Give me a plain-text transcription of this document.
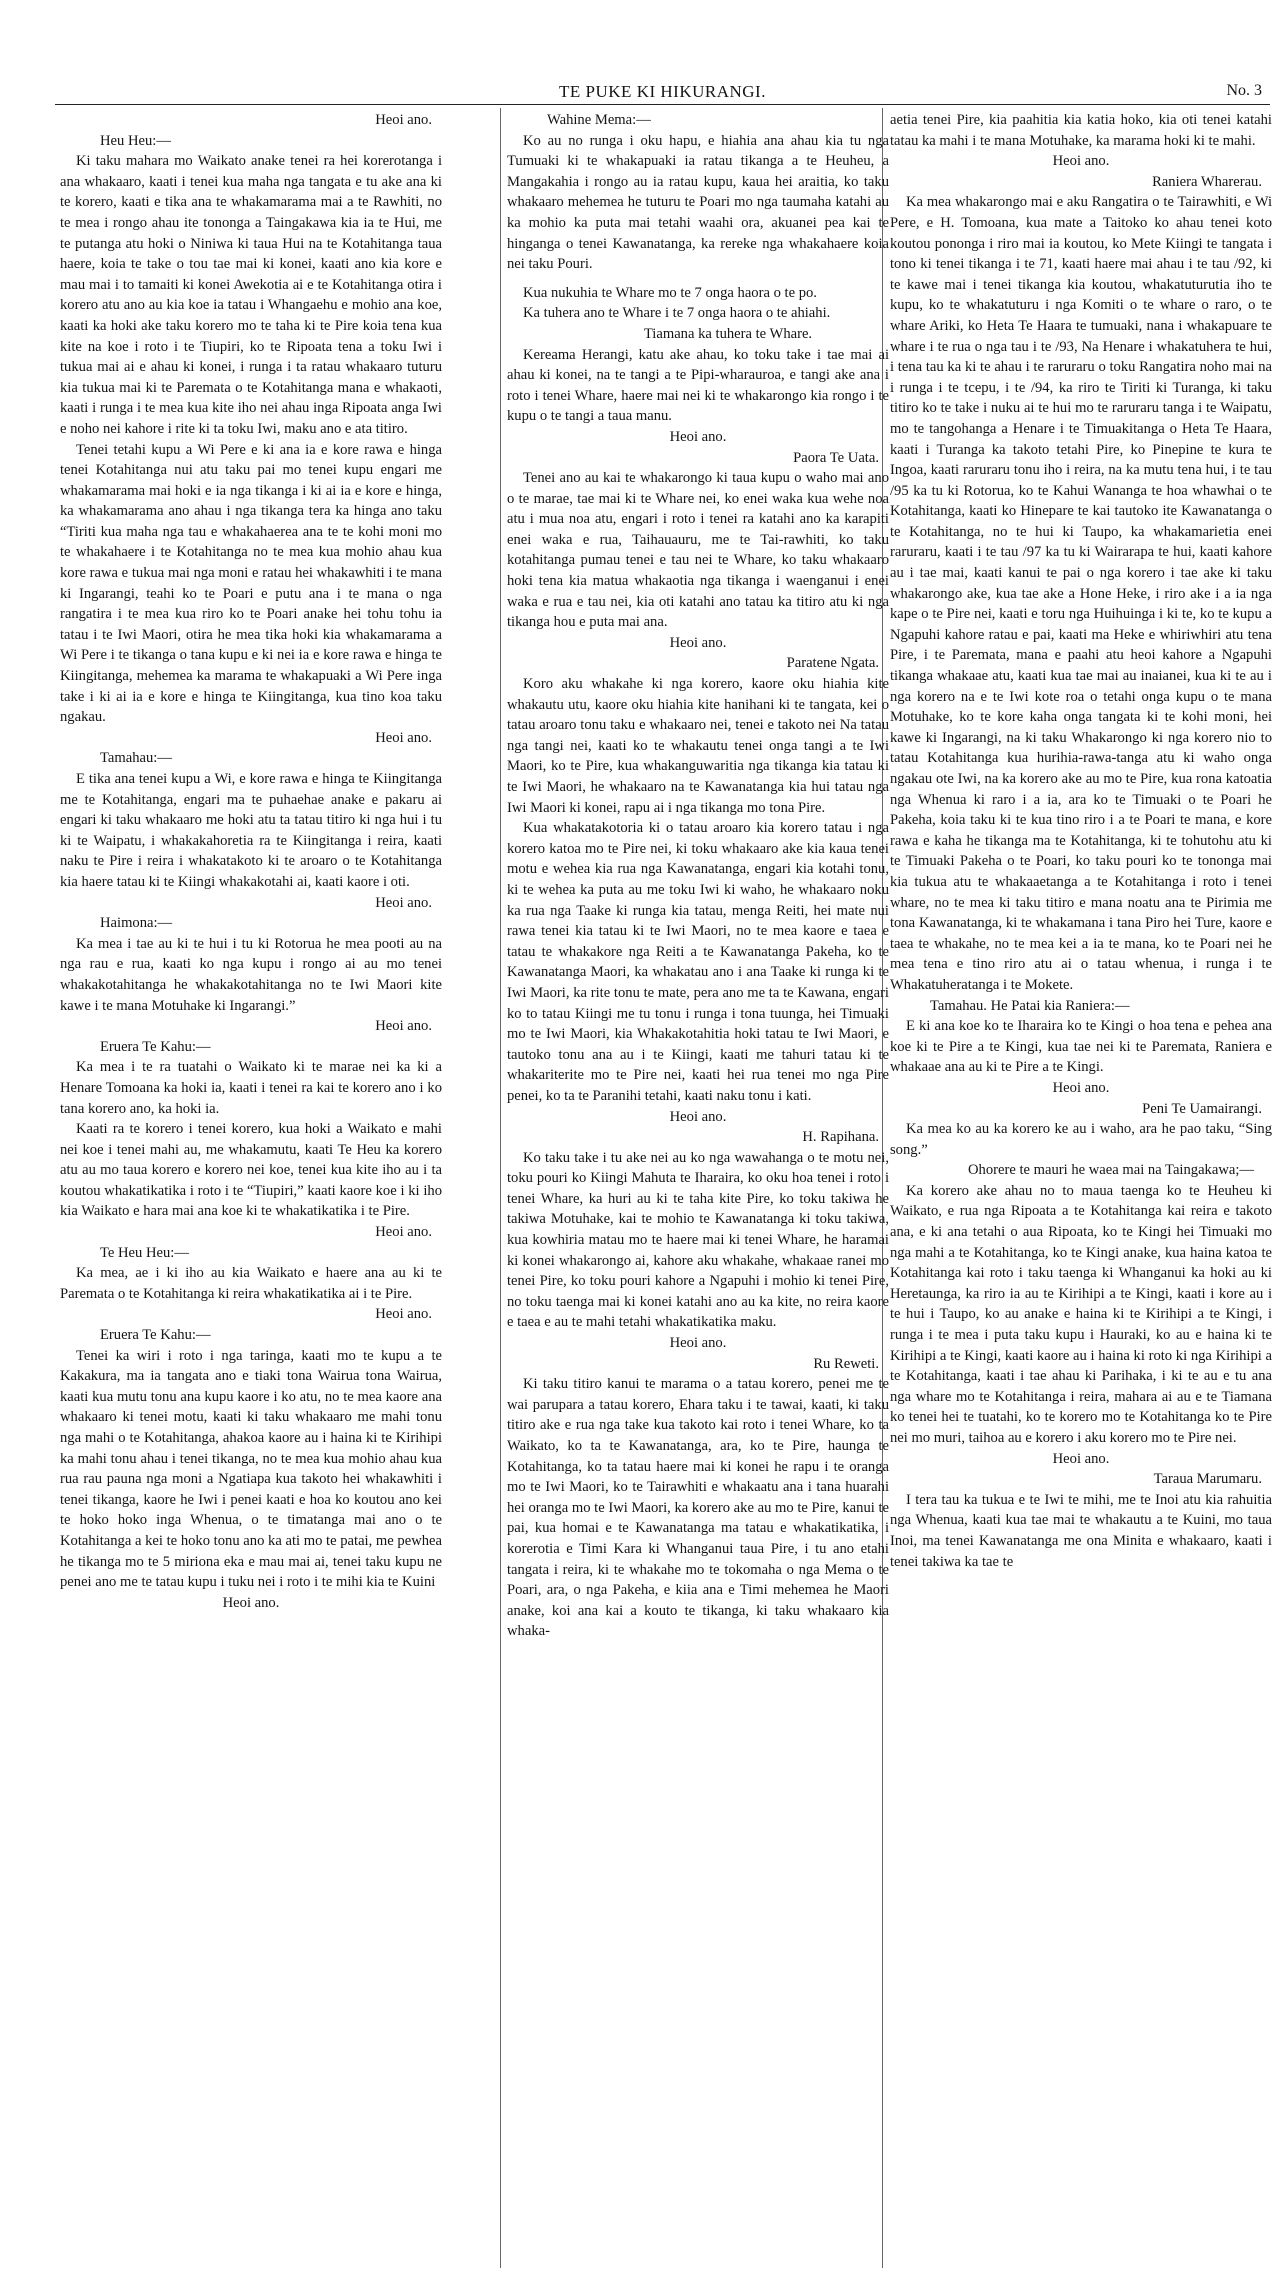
TE PUKE KI HIKURANGI.	No. 3

Heoi ano.

Heu Heu:—

Ki taku mahara mo Waikato anake tenei ra hei korerotanga i ana whakaaro, kaati i tenei kua maha nga tangata e tu ake ana ki te korero, kaati e tika ana te whakamarama mai a te Rawhiti, no te mea i rongo ahau ite tononga a Taingakawa kia ia te Hui, me te putanga atu hoki o Niniwa ki taua Hui na te Kotahitanga taua haere, koia te take o tou tae mai ki konei, kaati ano kia kore e mau mai i to tamaiti ki konei Awekotia ai e te Kotahitanga otira i korero atu ano au kia koe ia tatau i Whangaehu e mohio ana koe, kaati ka hoki ake taku korero mo te taha ki te Pire koia tena kua kite na koe i roto i te Tiupiri, ko te Ripoata tena a toku Iwi i tukua mai ai e ahau ki konei, i runga i ta ratau whakaaro tuturu kia tukua mai ki te Paremata o te Kotahitanga mana e whakaoti, kaati i runga i te mea kua kite iho nei ahau inga Ripoata anga Iwi e noho nei kahore i rite ki ta toku Iwi, maku ano e ata titiro.

Tenei tetahi kupu a Wi Pere e ki ana ia e kore rawa e hinga tenei Kotahitanga nui atu taku pai mo tenei kupu engari me whakamarama mai hoki e ia nga tikanga i ki ai ia e kore e hinga, ka whakamarama ano ahau i nga tikanga tera ka hinga ano taku “Tiriti kua maha nga tau e whakahaerea ana te te kohi moni mo te whakahaere i te Kotahitanga no te mea kua mohio ahau kua kore rawa e tukua mai nga moni e ratau hei whakawhiti i te mana ki Ingarangi, teahi ko te Poari e putu ana i te mana o nga rangatira i te mea kua riro ko te Poari anake hei tohu tohu ia tatau i te Iwi Maori, otira he mea tika hoki kia whakamarama a Wi Pere i te tikanga o tana kupu e ki nei ia e kore rawa e hinga te Kiingitanga, mehemea ka marama te whakapuaki a Wi Pere inga take i ki ai ia e kore e hinga te Kiingitanga, kua tino koa taku ngakau.

Heoi ano.

Tamahau:—

E tika ana tenei kupu a Wi, e kore rawa e hinga te Kiingitanga me te Kotahitanga, engari ma te puhaehae anake e pakaru ai engari ki taku whakaaro me hoki atu ta tatau titiro ki nga hui i tu ki te Waipatu, i whakakahoretia ra te Kiingitanga i reira, kaati naku te Pire i reira i whakatakoto ki te aroaro o te Kotahitanga kia haere tatau ki te Kiingi whakakotahi ai, kaati kaore i oti.

Heoi ano.

Haimona:—

Ka mea i tae au ki te hui i tu ki Rotorua he mea pooti au na nga rau e rua, kaati ko nga kupu i rongo ai au mo tenei whakakotahitanga he whakakotahitanga no te Iwi Maori kite kawe i te mana Motuhake ki Ingarangi.”

Heoi ano.

Eruera Te Kahu:—

Ka mea i te ra tuatahi o Waikato ki te marae nei ka ki a Henare Tomoana ka hoki ia, kaati i tenei ra kai te korero ano i ko tana korero ano, ka hoki ia.

Kaati ra te korero i tenei korero, kua hoki a Waikato e mahi nei koe i tenei mahi au, me whakamutu, kaati Te Heu ka korero atu au mo taua korero e korero nei koe, tenei kua kite iho au i ta koutou whakatikatika i roto i te “Tiupiri,” kaati kaore koe i ki iho kia Waikato e hara mai ana koe ki te whakatikatika i te Pire.

Heoi ano.

Te Heu Heu:—

Ka mea, ae i ki iho au kia Waikato e haere ana au ki te Paremata o te Kotahitanga ki reira whakatikatika ai i te Pire.

Heoi ano.

Eruera Te Kahu:—

Tenei ka wiri i roto i nga taringa, kaati mo te kupu a te Kakakura, ma ia tangata ano e tiaki tona Wairua tona Wairua, kaati kua mutu tonu ana kupu kaore i ko atu, no te mea kaore ana whakaaro ki tenei motu, kaati ki taku whakaaro me mahi tonu nga mahi o te Kotahitanga, ahakoa kaore au i haina ki te Kirihipi ka mahi tonu ahau i tenei tikanga, no te mea kua mohio ahau kua rua rau pauna nga moni a Ngatiapa kua takoto hei whakawhiti i tenei tikanga, kaore he Iwi i penei kaati e hoa ko koutou ano kei te hoko hoko inga Whenua, o te timatanga mai ano o te Kotahitanga a kei te hoko tonu ano ka ati mo te patai, me pewhea he tikanga mo te 5 miriona eka e mau mai ai, tenei taku kupu ne penei ano me te tatau kupu i tuku nei i roto i te mihi kia te Kuini

Heoi ano.

Wahine Mema:—

Ko au no runga i oku hapu, e hiahia ana ahau kia tu nga Tumuaki ki te whakapuaki ia ratau tikanga a te Heuheu, a Mangakahia i rongo au ia ratau kupu, kaua hei araitia, ko taku whakaaro mehemea he tuturu te Poari mo nga taumaha katahi au ka mohio ka puta mai tetahi waahi ora, akuanei pea kai te hinganga o tenei Kawanatanga, ka rereke nga whakahaere koia nei taku Pouri.

Kua nukuhia te Whare mo te 7 onga haora o te po.

Ka tuhera ano te Whare i te 7 onga haora o te ahiahi.

Tiamana ka tuhera te Whare.

Kereama Herangi, katu ake ahau, ko toku take i tae mai ai ahau ki konei, na te tangi a te Pipi-wharauroa, e tangi ake ana i roto i tenei Whare, haere mai nei ki te whakarongo kia rongo i te kupu o te tangi a taua manu.

Heoi ano.

Paora Te Uata.

Tenei ano au kai te whakarongo ki taua kupu o waho mai ano o te marae, tae mai ki te Whare nei, ko enei waka kua wehe noa atu i mua noa atu, engari i roto i tenei ra katahi ano ka karapiti enei waka e rua, Taihauauru, me te Tai-rawhiti, ko taku kotahitanga pumau tenei e tau nei te Whare, ko taku whakaaro hoki tena kia matua whakaotia nga tikanga i waenganui i enei waka e rua e tau nei, kia oti katahi ano tatau ka titiro atu ki nga tikanga hou e puta mai ana.

Heoi ano.

Paratene Ngata.

Koro aku whakahe ki nga korero, kaore oku hiahia kite whakautu utu, kaore oku hiahia kite hanihani ki te tangata, kei o tatau aroaro tonu taku e whakaaro nei, tenei e takoto nei Na tatau nga tangi nei, kaati ko te whakautu tenei onga tangi a te Iwi Maori, ko te Pire, kua whakanguwaritia nga tikanga kia tatau ki te Iwi Maori, he whakaaro na te Kawanatanga kia hui tatau nga Iwi Maori ki konei, rapu ai i nga tikanga mo tona Pire.

Kua whakatakotoria ki o tatau aroaro kia korero tatau i nga korero katoa mo te Pire nei, ki toku whakaaro ake kia kaua tenei motu e wehea kia rua nga Kawanatanga, engari kia kotahi tonu, ki te wehea ka puta au me toku Iwi ki waho, he whakaaro noku ka rua nga Taake ki runga kia tatau, menga Reiti, hei mate nui rawa tenei kia tatau ki te Iwi Maori, no te mea kaore e taea e tatau te whakakore nga Reiti a te Kawanatanga Pakeha, ko te Kawanatanga Maori, ka whakatau ano i ana Taake ki runga ki te Iwi Maori, ka rite tonu te mate, pera ano me ta te Kawana, engari ko to tatau Kiingi me tu tonu i runga i tona tuunga, hei Timuaki mo te Iwi Maori, kia Whakakotahitia hoki tatau te Iwi Maori, e tautoko tonu ana au i te Kiingi, kaati me tahuri tatau ki te whakariterite mo te Pire nei, kaati hei rua tenei mo nga Pire penei, ko ta te Paranihi tetahi, kaati naku tonu i kati.

Heoi ano.

H. Rapihana.

Ko taku take i tu ake nei au ko nga wawahanga o te motu nei, toku pouri ko Kiingi Mahuta te Iharaira, ko oku hoa tenei i roto i tenei Whare, ka huri au ki te taha kite Pire, ko toku takiwa he takiwa Motuhake, kai te mohio te Kawanatanga ki toku takiwa, kua kowhiria matau mo te haere mai ki tenei Whare, he haramai ki konei whakarongo ai, kahore aku whakahe, whakaae ranei mo tenei Pire, ko toku pouri kahore a Ngapuhi i mohio ki tenei Pire, no toku taenga mai ki konei katahi ano au ka kite, no reira kaore e taea e au te mahi tetahi whakatikatika maku.

Heoi ano.

Ru Reweti.

Ki taku titiro kanui te marama o a tatau korero, penei me te wai parupara a tatau korero, Ehara taku i te tawai, kaati, ki taku titiro ake e rua nga take kua takoto kai roto i tenei Whare, ko ta Waikato, ko ta te Kawanatanga, ara, ko te Pire, haunga te Kotahitanga, ko ta tatau haere mai ki konei he rapu i te oranga mo te Iwi Maori, ko te Tairawhiti e whakaatu ana i tana huarahi hei oranga mo te Iwi Maori, ka korero ake au mo te Pire, kanui te pai, kua homai e te Kawanatanga ma tatau e whakatikatika, i korerotia e Timi Kara ki Whanganui taua Pire, i tu ano etahi tangata i reira, ki te whakahe mo te tokomaha o nga Mema o te Poari, ara, o nga Pakeha, e kiia ana e Timi mehemea he Maori anake, koi ana kai a kouto te tikanga, ki taku whakaaro kia whaka-

aetia tenei Pire, kia paahitia kia katia hoko, kia oti tenei katahi tatau ka mahi i te mana Motuhake, ka marama hoki ki te mahi.

Heoi ano.

Raniera Wharerau.

Ka mea whakarongo mai e aku Rangatira o te Tairawhiti, e Wi Pere, e H. Tomoana, kua mate a Taitoko ko ahau tenei koto koutou pononga i riro mai ia koutou, ko Mete Kiingi te tangata i tono ki tenei tikanga i te 71, kaati haere mai ahau i te tau /92, ki te kawe mai i tenei tikanga kia koutou, whakatuturutia iho te kupu, ko te whakatuturu i nga Komiti o te whare o raro, o te whare Ariki, ko Heta Te Haara te tumuaki, nana i whakapuare te whare i te rua o nga tau i te /93, Na Henare i whakatuhera te hui, i tena tau ka ki te ahau i te raruraru o toku Rangatira noho mai na i runga i te tcepu, i te /94, ka riro te Tiriti ki Turanga, ki taku titiro ko te take i nuku ai te hui mo te raruraru tanga i te Waipatu, mo te tangohanga a Henare i te Timuakitanga o Heta Te Haara, kaati i Turanga ka takoto tetahi Pire, ko Pinepine te kura te Ingoa, kaati raruraru tonu iho i reira, na ka mutu tena hui, i te tau /95 ka tu ki Rotorua, ko te Kahui Wananga te hoa whawhai o te Kotahitanga, kaati ko Hinepare te kai tautoko ite Kawanatanga o te Kotahitanga, no te hui ki Taupo, ka whakamarietia enei raruraru, kaati i te tau /97 ka tu ki Wairarapa te hui, kaati kahore au i tae mai, kaati kanui te pai o nga korero i tae ake ki taku whakarongo ake, kua tae ake a Hone Heke, i riro ake i a ia nga kape o te Pire nei, kaati e toru nga Huihuinga i ki te, ko te kupu a Ngapuhi kahore ratau e pai, kaati ma Heke e whiriwhiri atu tena Pire, i te Paremata, mana e paahi atu heoi kahore a Ngapuhi tikanga whakaae atu, kaati kua tae mai au inaianei, kua ki te au i nga korero na e te Iwi kote roa o tetahi onga kupu o te mana Motuhake, ko te kore kaha onga tangata ki te kohi moni, hei kawe ki Ingarangi, na ki taku Whakarongo ki nga korero nio to tatau Kotahitanga kua hurihia-rawa-tanga atu ki waho onga ngakau ote Iwi, na ka korero ake au mo te Pire, kua rona katoatia nga Whenua ki raro i a ia, ara ko te Timuaki o te Poari he Pakeha, koia taku ki te kua tino riro i a te Poari te mana, e kore rawa e kaha he tikanga ma te Kotahitanga, ki te tohutohu atu ki te Timuaki Pakeha o te Poari, ko taku pouri ko te tononga mai kia tukua atu te whakaaetanga a te Kotahitanga i roto i tenei whare, no te mea ki taku titiro e mana noatu ana te Pirimia me tona Kawanatanga, ki te whakamana i tana Piro hei Ture, kaore e taea te whakahe, no te mea kei a ia te mana, ko te Poari nei he mea tena e tino riro atu ai o tatau whenua, i runga i te Whakatuheratanga i te Mokete.

Tamahau. He Patai kia Raniera:—

E ki ana koe ko te Iharaira ko te Kingi o hoa tena e pehea ana koe ki te Pire a te Kingi, kua tae nei ki te Paremata, Raniera e whakaae ana au ki te Pire a te Kingi.

Heoi ano.

Peni Te Uamairangi.

Ka mea ko au ka korero ke au i waho, ara he pao taku, “Sing song.”

Ohorere te mauri he waea mai na Taingakawa;—

Ka korero ake ahau no to maua taenga ko te Heuheu ki Waikato, e rua nga Ripoata a te Kotahitanga kai reira e takoto ana, e ki ana tetahi o aua Ripoata, ko te Kingi hei Timuaki mo nga mahi a te Kotahitanga, ko te Kingi anake, kua haina katoa te Kotahitanga kai roto i taku taenga ki Whanganui ka hoki au ki Heretaunga, ka riro ia au te Kirihipi a te Kingi, kaati i kore au i te hui i Taupo, ko au anake e haina ki te Kirihipi a te Kingi, i runga i te mea i puta taku kupu i Hauraki, ko au e haina ki te Kirihipi a te Kingi, kaati kaore au i haina ki roto ki nga Kirihipi a te Kotahitanga, kaati i tae ahau ki Parihaka, i ki te au e tu ana nga whare mo te Kotahitanga i reira, mahara ai au e te Tiamana ko tenei hei te tuatahi, ko te korero mo te Kotahitanga ko te Pire nei mo muri, taihoa au e korero i aku korero mo te Pire nei.

Heoi ano.

Taraua Marumaru.

I tera tau ka tukua e te Iwi te mihi, me te Inoi atu kia rahuitia nga Whenua, kaati kua tae mai te whakautu a te Kuini, mo taua Inoi, ma tenei Kawanatanga me ona Minita e whakaaro, kaati i tenei takiwa ka tae te
